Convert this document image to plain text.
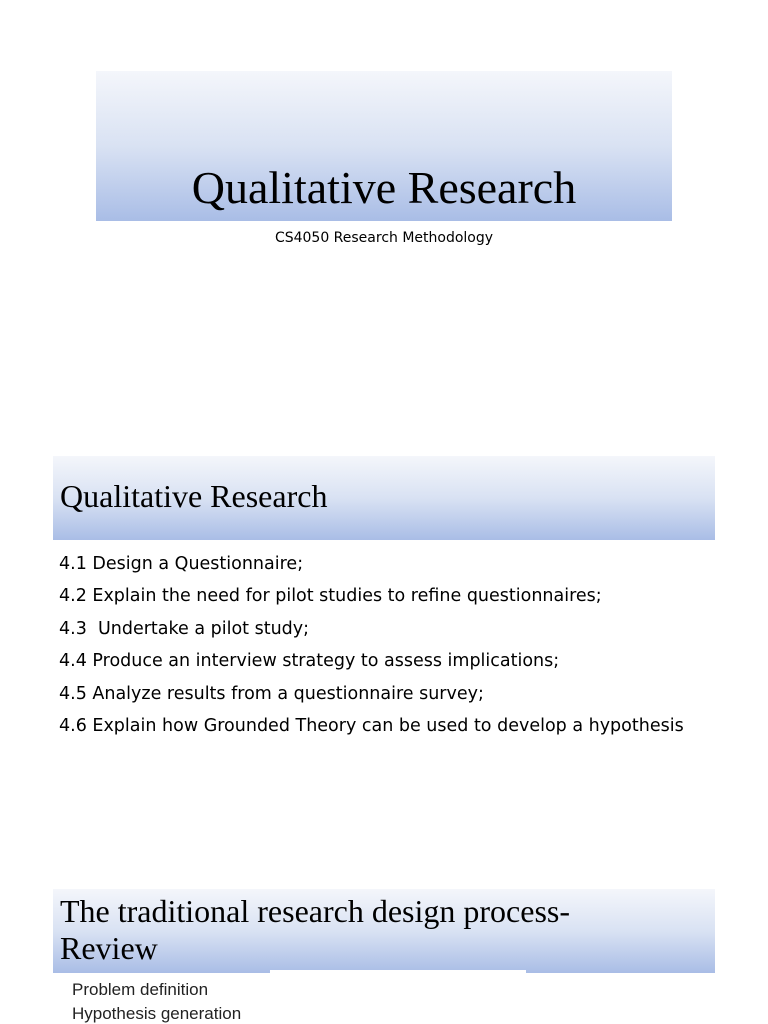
Qualitative Research
CS4050 Research Methodology
Qualitative Research
4.1 Design a Questionnaire;
4.2 Explain the need for pilot studies to refine questionnaires;
4.3  Undertake a pilot study;
4.4 Produce an interview strategy to assess implications;
4.5 Analyze results from a questionnaire survey;
4.6 Explain how Grounded Theory can be used to develop a hypothesis
The traditional research design process-
Review
Problem definition
Hypothesis generation
